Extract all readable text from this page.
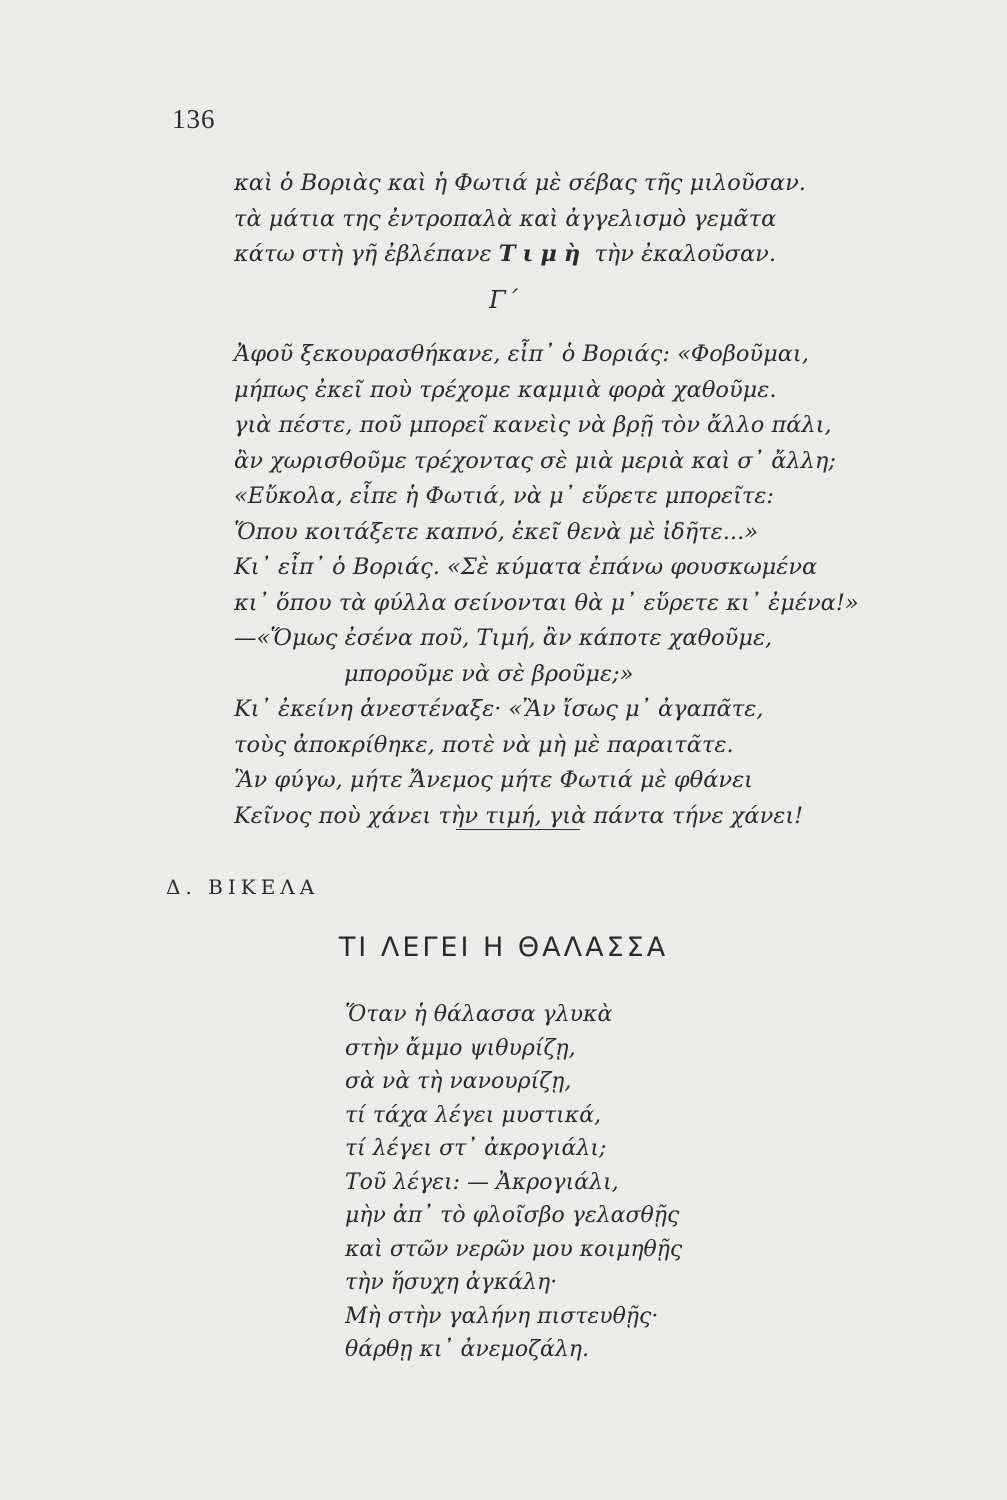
136
καὶ ὁ Βοριὰς καὶ ἡ Φωτιά μὲ σέβας τῆς μιλοῦσαν.
τὰ μάτια της ἐντροπαλὰ καὶ ἀγγελισμὸ γεμᾶτα
κάτω στὴ γῆ ἐβλέπανε Τιμὴ τὴν ἐκαλοῦσαν.
Γ΄
Ἀφοῦ ξεκουρασθήκανε, εἶπ᾿ ὁ Βοριάς: «Φοβοῦμαι,
μήπως ἐκεῖ ποὺ τρέχομε καμμιὰ φορὰ χαθοῦμε.
γιὰ πέστε, ποῦ μπορεῖ κανεὶς νὰ βρῇ τὸν ἄλλο πάλι,
ἂν χωρισθοῦμε τρέχοντας σὲ μιὰ μεριὰ καὶ σ᾿ ἄλλη;
«Εὔκολα, εἶπε ἡ Φωτιά, νὰ μ᾿ εὕρετε μπορεῖτε:
Ὅπου κοιτάξετε καπνό, ἐκεῖ θενὰ μὲ ἰδῆτε...»
Κι᾿ εἶπ᾿ ὁ Βοριάς. «Σὲ κύματα ἐπάνω φουσκωμένα
κι᾿ ὅπου τὰ φύλλα σείνονται θὰ μ᾿ εὕρετε κι᾿ ἐμένα!»
—«Ὅμως ἐσένα ποῦ, Τιμή, ἂν κάποτε χαθοῦμε,
μποροῦμε νὰ σὲ βροῦμε;»
Κι᾿ ἐκείνη ἀνεστέναξε· «Ἂν ἴσως μ᾿ ἀγαπᾶτε,
τοὺς ἀποκρίθηκε, ποτὲ νὰ μὴ μὲ παραιτᾶτε.
Ἂν φύγω, μήτε Ἄνεμος μήτε Φωτιά μὲ φθάνει
Κεῖνος ποὺ χάνει τὴν τιμή, γιὰ πάντα τήνε χάνει!
Δ. ΒΙΚΕΛΑ
ΤΙ ΛΕΓΕΙ Η ΘΑΛΑΣΣΑ
Ὅταν ἡ θάλασσα γλυκὰ
στὴν ἄμμο ψιθυρίζῃ,
σὰ νὰ τὴ νανουρίζῃ,
τί τάχα λέγει μυστικά,
τί λέγει στ᾿ ἀκρογιάλι;
Τοῦ λέγει: — Ἀκρογιάλι,
μὴν ἀπ᾿ τὸ φλοῖσβο γελασθῇς
καὶ στῶν νερῶν μου κοιμηθῇς
τὴν ἥσυχη ἀγκάλη·
Μὴ στὴν γαλήνη πιστευθῇς·
θάρθῃ κι᾿ ἀνεμοζάλη.
